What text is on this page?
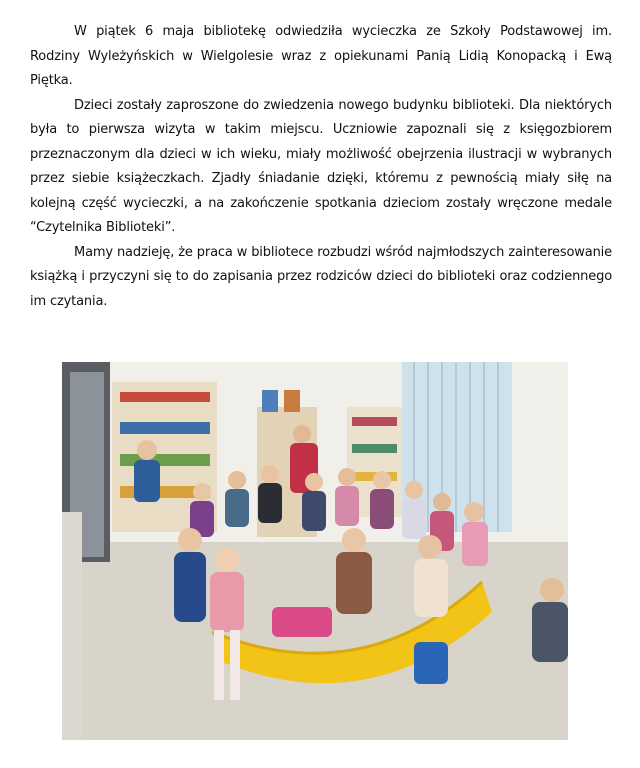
W piątek 6 maja bibliotekę odwiedziła wycieczka ze Szkoły Podstawowej im. Rodziny Wyleżyńskich w Wielgolesie wraz z opiekunami Panią Lidią Konopacką i Ewą Piętka.

Dzieci zostały zaproszone do zwiedzenia nowego budynku biblioteki. Dla niektórych była to pierwsza wizyta w takim miejscu. Uczniowie zapoznali się z księgozbiorem przeznaczonym dla dzieci w ich wieku, miały możliwość obejrzenia ilustracji w wybranych przez siebie książeczkach. Zjadły śniadanie dzięki, któremu z pewnością miały siłę na kolejną część wycieczki, a na zakończenie spotkania dzieciom zostały wręczone medale “Czytelnika Biblioteki”.

Mamy nadzieję, że praca w bibliotece rozbudzi wśród najmłodszych zainteresowanie książką i przyczyni się to do zapisania przez rodziców dzieci do biblioteki oraz codziennego im czytania.
